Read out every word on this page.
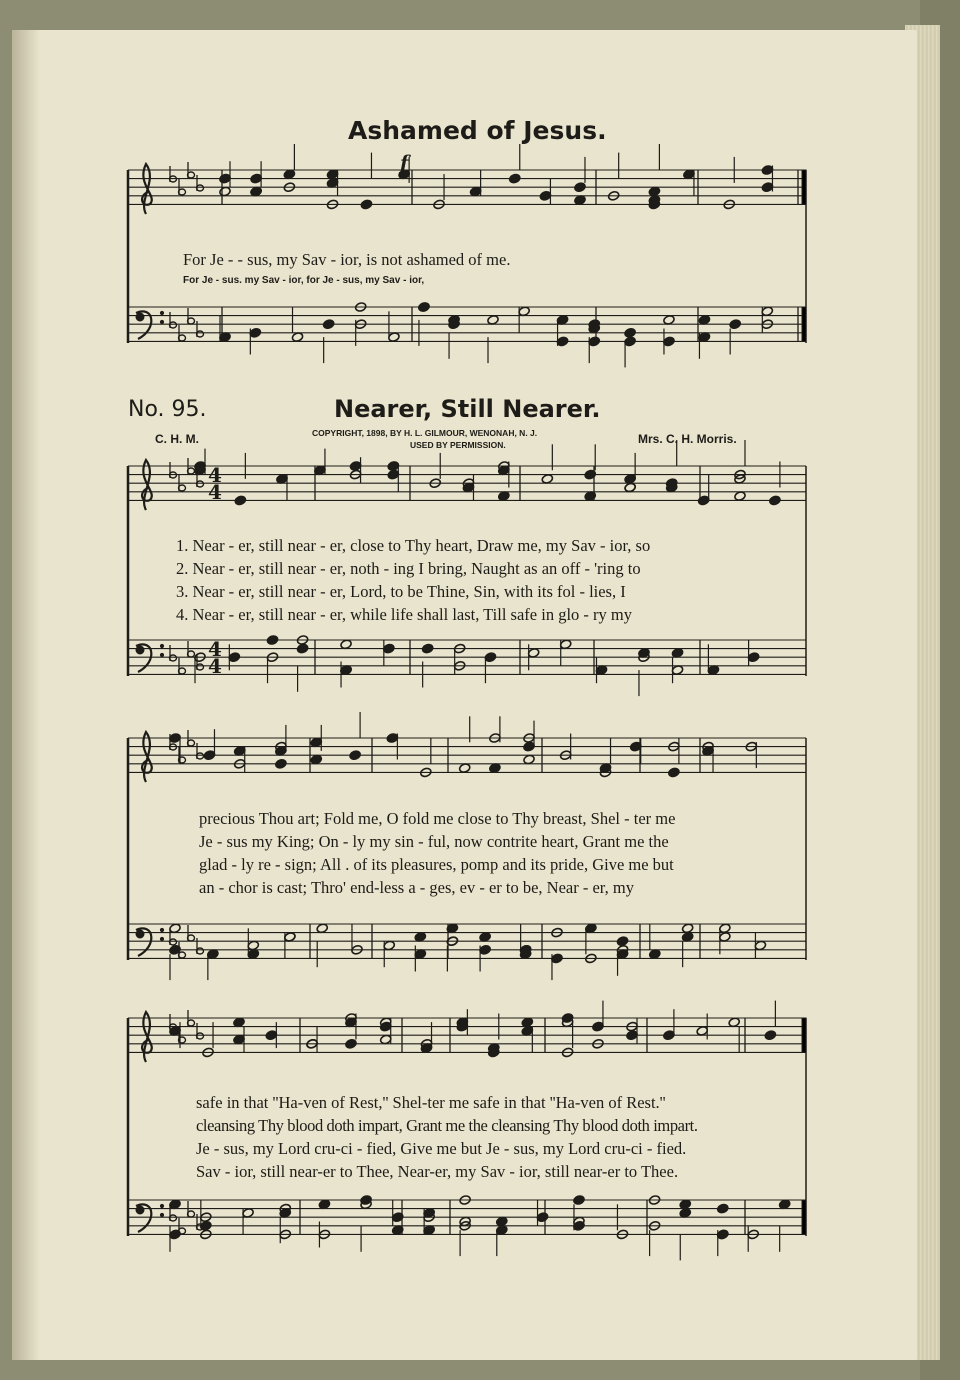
4
4
4
4
Ashamed of Jesus.
f
For Je - - sus, my Sav - ior, is not ashamed of me.
For Je - sus. my Sav - ior, for Je - sus, my Sav - ior,
No. 95.	Nearer, Still Nearer.
C. H. M.	COPYRIGHT, 1898, BY H. L. GILMOUR, WENONAH, N. J.
USED BY PERMISSION.	Mrs. C. H. Morris.
1. Near - er, still near - er, close to Thy heart, Draw me, my Sav - ior, so
2. Near - er, still near - er, noth - ing I bring, Naught as an off - 'ring to
3. Near - er, still near - er, Lord, to be Thine, Sin, with its fol - lies, I
4. Near - er, still near - er, while life shall last, Till safe in glo - ry my
precious Thou art; Fold me, O fold me close to Thy breast, Shel - ter me
Je - sus my King; On - ly my sin - ful, now contrite heart, Grant me the
glad - ly re - sign; All . of its pleasures, pomp and its pride, Give me but
an - chor is cast; Thro' end-less a - ges, ev - er to be, Near - er, my
safe in that ''Ha-ven of Rest,'' Shel-ter me safe in that ''Ha-ven of Rest.''
cleansing Thy blood doth impart, Grant me the cleansing Thy blood doth impart.
Je - sus, my Lord cru-ci - fied, Give me but Je - sus, my Lord cru-ci - fied.
Sav - ior, still near-er to Thee, Near-er, my Sav - ior, still near-er to Thee.
